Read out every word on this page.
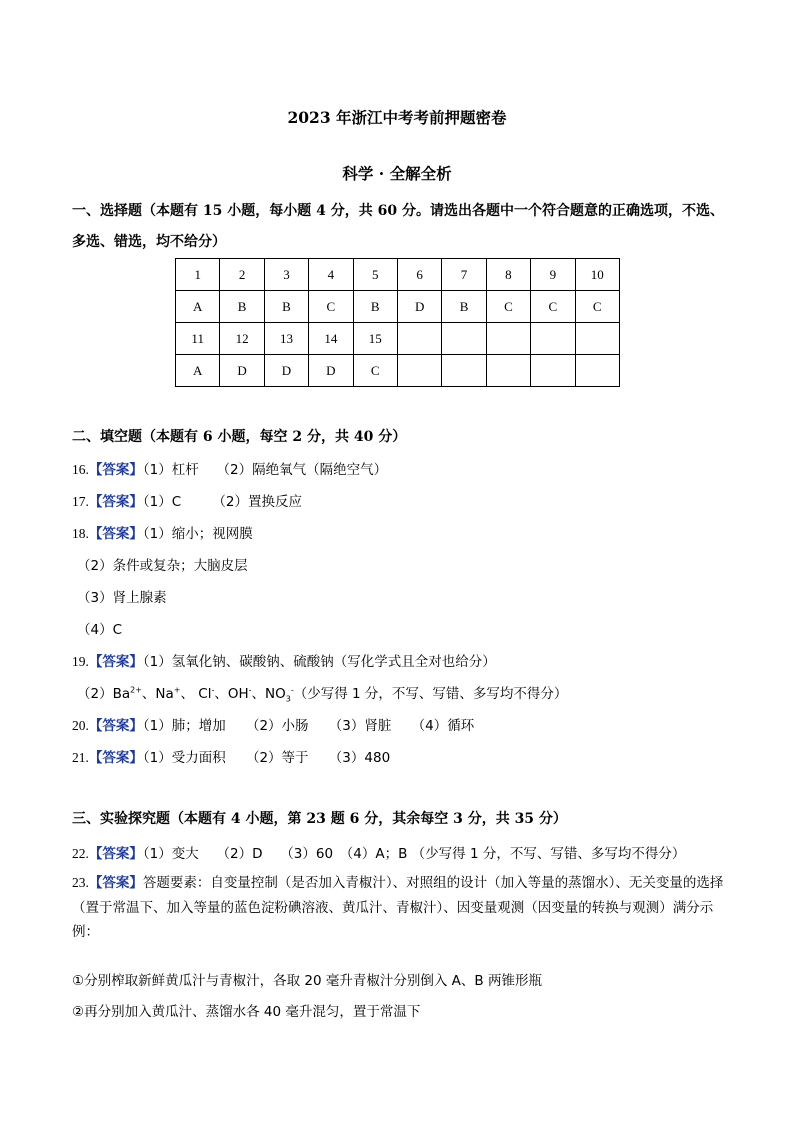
2023 年浙江中考考前押题密卷
科学 · 全解全析
一、选择题（本题有 15 小题，每小题 4 分，共 60 分。请选出各题中一个符合题意的正确选项，不选、多选、错选，均不给分）
1	2	3	4	5	6	7	8	9	10
A	B	B	C	B	D	B	C	C	C
11	12	13	14	15					
A	D	D	D	C					
二、填空题（本题有 6 小题，每空 2 分，共 40 分）
16.【答案】（1）杠杆　 （2）隔绝氧气（隔绝空气）
17.【答案】（1）C　　 （2）置换反应
18.【答案】（1）缩小；视网膜
（2）条件或复杂；大脑皮层
（3）肾上腺素
（4）C
19.【答案】（1）氢氧化钠、碳酸钠、硫酸钠（写化学式且全对也给分）
$(2)Ba^{2+}$、Na+、 Cl-、OH-、$NO_3^-$（少写得 1 分，不写、写错、多写均不得分）
20.【答案】（1）肺；增加　　（2）小肠　　（3）肾脏　　（4）循环
21.【答案】（1）受力面积　　（2）等于　　（3）480
三、实验探究题（本题有 4 小题，第 23 题 6 分，其余每空 3 分，共 35 分）
22.【答案】（1）变大　 （2）D　 （3）60　（4）A；B （少写得 1 分，不写、写错、多写均不得分）
23.【答案】答题要素：自变量控制（是否加入青椒汁）、对照组的设计（加入等量的蒸馏水）、无关变量的选择（置于常温下、加入等量的蓝色淀粉碘溶液、黄瓜汁、青椒汁）、因变量观测（因变量的转换与观测）满分示例：
①分别榨取新鲜黄瓜汁与青椒汁，各取 20 毫升青椒汁分别倒入 A、B 两锥形瓶
②再分别加入黄瓜汁、蒸馏水各 40 毫升混匀，置于常温下
